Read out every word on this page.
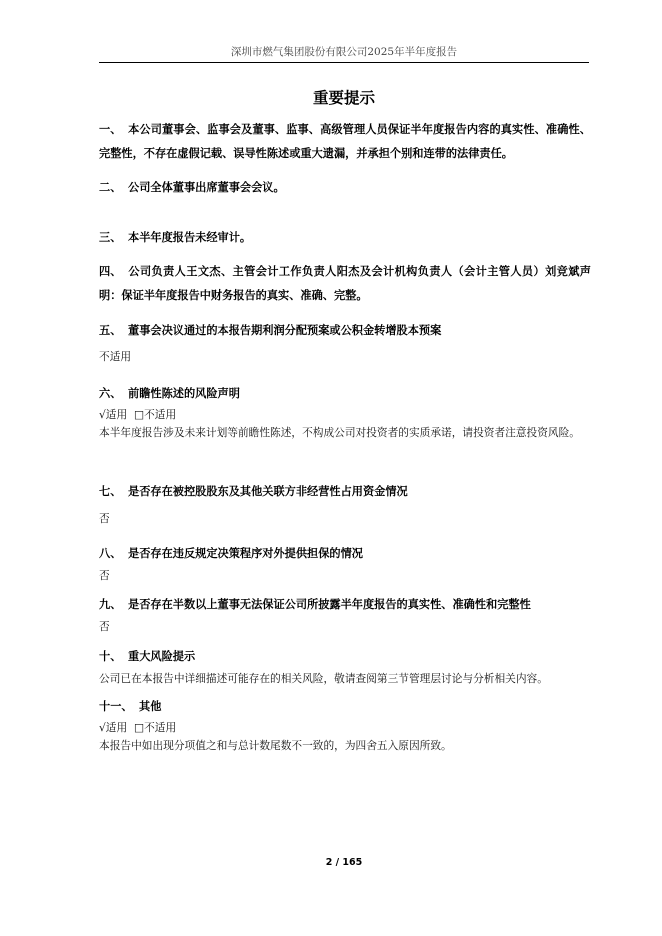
深圳市燃气集团股份有限公司2025年半年度报告
重要提示
一、 本公司董事会、监事会及董事、监事、高级管理人员保证半年度报告内容的真实性、准确性、完整性，不存在虚假记载、误导性陈述或重大遗漏，并承担个别和连带的法律责任。
二、 公司全体董事出席董事会会议。
三、 本半年度报告未经审计。
四、 公司负责人王文杰、主管会计工作负责人阳杰及会计机构负责人（会计主管人员）刘竞斌声明：保证半年度报告中财务报告的真实、准确、完整。
五、 董事会决议通过的本报告期利润分配预案或公积金转增股本预案
不适用
六、 前瞻性陈述的风险声明
√适用  □不适用
本半年度报告涉及未来计划等前瞻性陈述，不构成公司对投资者的实质承诺，请投资者注意投资风险。
七、 是否存在被控股股东及其他关联方非经营性占用资金情况
否
八、 是否存在违反规定决策程序对外提供担保的情况
否
九、 是否存在半数以上董事无法保证公司所披露半年度报告的真实性、准确性和完整性
否
十、 重大风险提示
公司已在本报告中详细描述可能存在的相关风险，敬请查阅第三节管理层讨论与分析相关内容。
十一、 其他
√适用  □不适用
本报告中如出现分项值之和与总计数尾数不一致的，为四舍五入原因所致。
2 / 165
